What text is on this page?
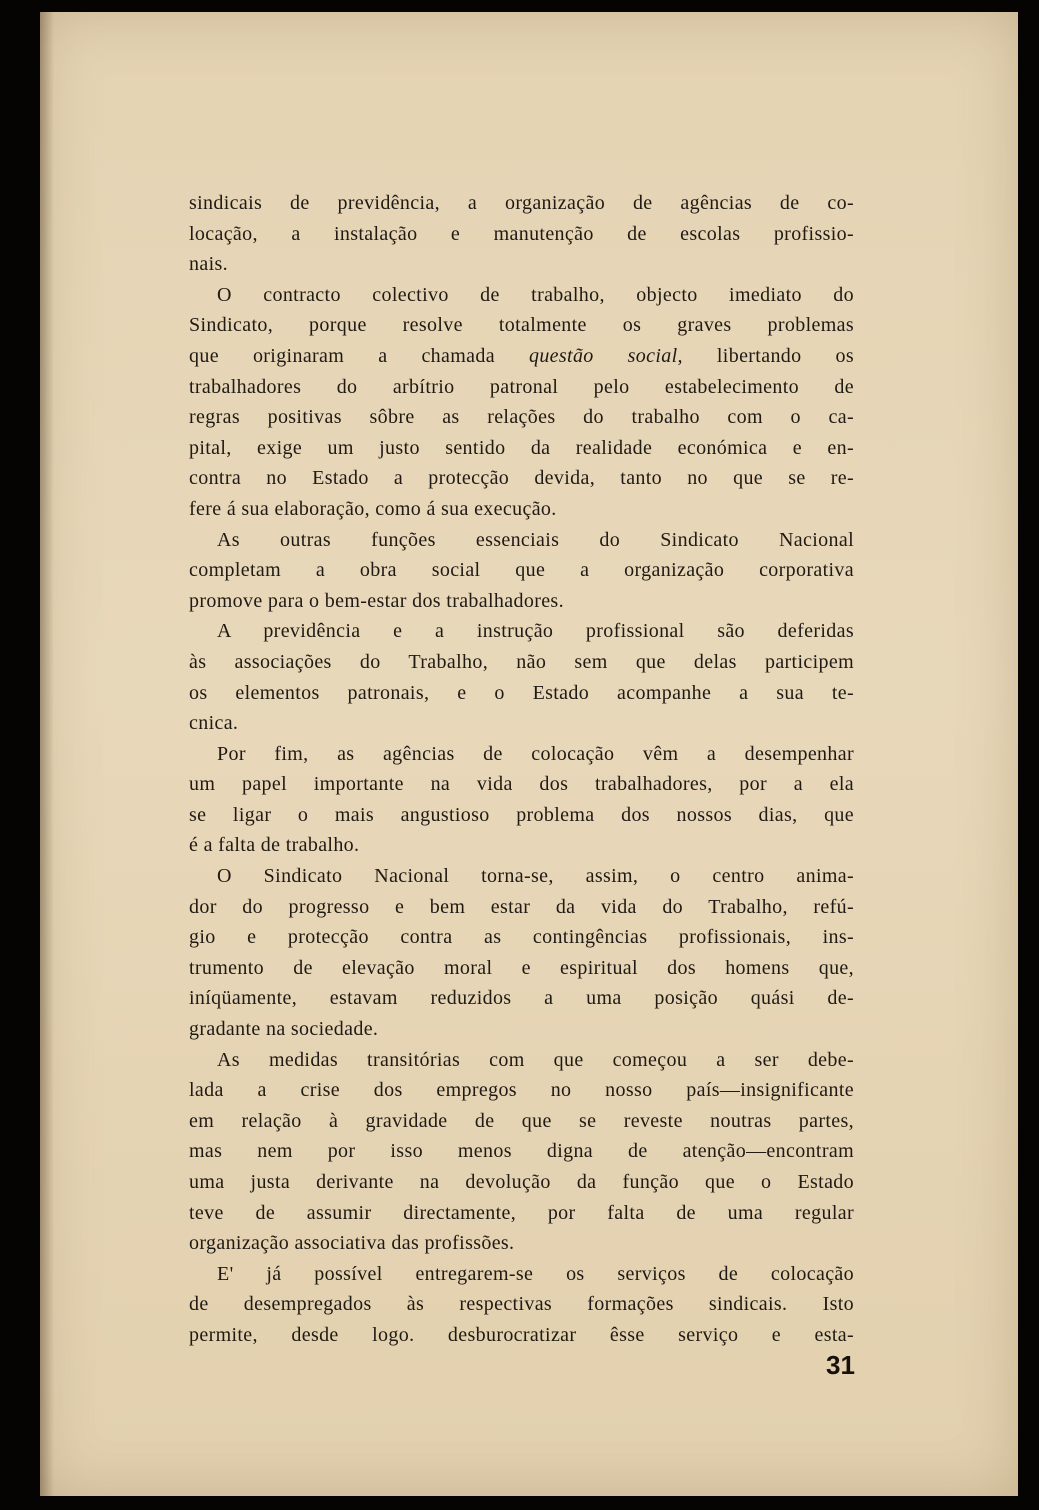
sindicais de previdência, a organização de agências de co-
locação, a instalação e manutenção de escolas profissio-
nais.
O contracto colectivo de trabalho, objecto imediato do
Sindicato, porque resolve totalmente os graves problemas
que originaram a chamada questão social, libertando os
trabalhadores do arbítrio patronal pelo estabelecimento de
regras positivas sôbre as relações do trabalho com o ca-
pital, exige um justo sentido da realidade económica e en-
contra no Estado a protecção devida, tanto no que se re-
fere á sua elaboração, como á sua execução.
As outras funções essenciais do Sindicato Nacional
completam a obra social que a organização corporativa
promove para o bem-estar dos trabalhadores.
A previdência e a instrução profissional são deferidas
às associações do Trabalho, não sem que delas participem
os elementos patronais, e o Estado acompanhe a sua te-
cnica.
Por fim, as agências de colocação vêm a desempenhar
um papel importante na vida dos trabalhadores, por a ela
se ligar o mais angustioso problema dos nossos dias, que
é a falta de trabalho.
O Sindicato Nacional torna-se, assim, o centro anima-
dor do progresso e bem estar da vida do Trabalho, refú-
gio e protecção contra as contingências profissionais, ins-
trumento de elevação moral e espiritual dos homens que,
iníqüamente, estavam reduzidos a uma posição quási de-
gradante na sociedade.
As medidas transitórias com que começou a ser debe-
lada a crise dos empregos no nosso país—insignificante
em relação à gravidade de que se reveste noutras partes,
mas nem por isso menos digna de atenção—encontram
uma justa derivante na devolução da função que o Estado
teve de assumir directamente, por falta de uma regular
organização associativa das profissões.
E' já possível entregarem-se os serviços de colocação
de desempregados às respectivas formações sindicais. Isto
permite, desde logo. desburocratizar êsse serviço e esta-
31
